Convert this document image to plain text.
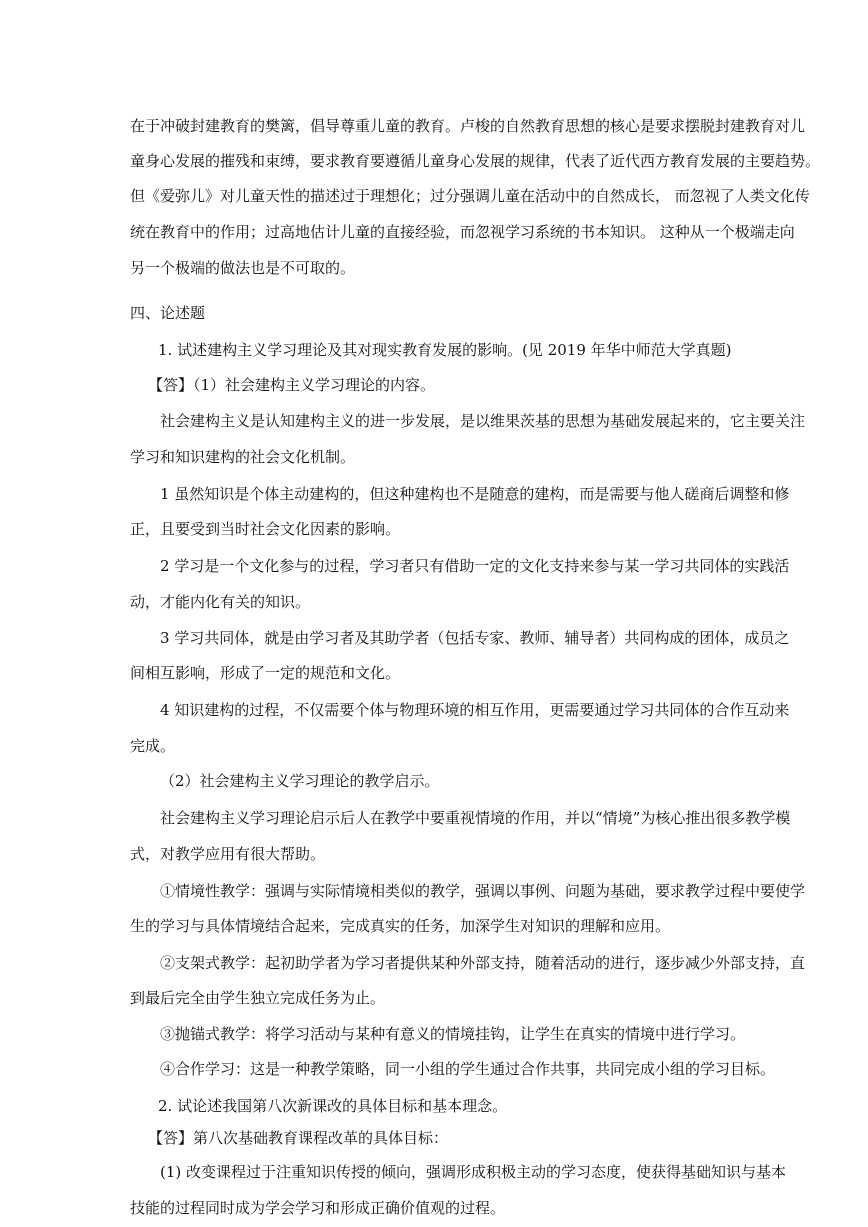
在于冲破封建教育的樊篱，倡导尊重儿童的教育。卢梭的自然教育思想的核心是要求摆脱封建教育对儿
童身心发展的摧残和束缚，要求教育要遵循儿童身心发展的规律，代表了近代西方教育发展的主要趋势。
但《爱弥儿》对儿童天性的描述过于理想化；过分强调儿童在活动中的自然成长， 而忽视了人类文化传
统在教育中的作用；过高地估计儿童的直接经验，而忽视学习系统的书本知识。 这种从一个极端走向
另一个极端的做法也是不可取的。
四、论述题
1. 试述建构主义学习理论及其对现实教育发展的影响。(见 2019 年华中师范大学真题)
【答】（1）社会建构主义学习理论的内容。
社会建构主义是认知建构主义的进一步发展，是以维果茨基的思想为基础发展起来的，它主要关注
学习和知识建构的社会文化机制。
1 虽然知识是个体主动建构的，但这种建构也不是随意的建构，而是需要与他人磋商后调整和修
正，且要受到当时社会文化因素的影响。
2 学习是一个文化参与的过程，学习者只有借助一定的文化支持来参与某一学习共同体的实践活
动，才能内化有关的知识。
3 学习共同体，就是由学习者及其助学者（包括专家、教师、辅导者）共同构成的团体，成员之
间相互影响，形成了一定的规范和文化。
4 知识建构的过程，不仅需要个体与物理环境的相互作用，更需要通过学习共同体的合作互动来
完成。
（2）社会建构主义学习理论的教学启示。
社会建构主义学习理论启示后人在教学中要重视情境的作用，并以“情境”为核心推出很多教学模
式，对教学应用有很大帮助。
①情境性教学：强调与实际情境相类似的教学，强调以事例、问题为基础，要求教学过程中要使学
生的学习与具体情境结合起来，完成真实的任务，加深学生对知识的理解和应用。
②支架式教学：起初助学者为学习者提供某种外部支持，随着活动的进行，逐步减少外部支持，直
到最后完全由学生独立完成任务为止。
③抛锚式教学：将学习活动与某种有意义的情境挂钩，让学生在真实的情境中进行学习。
④合作学习：这是一种教学策略，同一小组的学生通过合作共事，共同完成小组的学习目标。
2. 试论述我国第八次新课改的具体目标和基本理念。
【答】第八次基础教育课程改革的具体目标：
(1) 改变课程过于注重知识传授的倾向，强调形成积极主动的学习态度，使获得基础知识与基本
技能的过程同时成为学会学习和形成正确价值观的过程。
